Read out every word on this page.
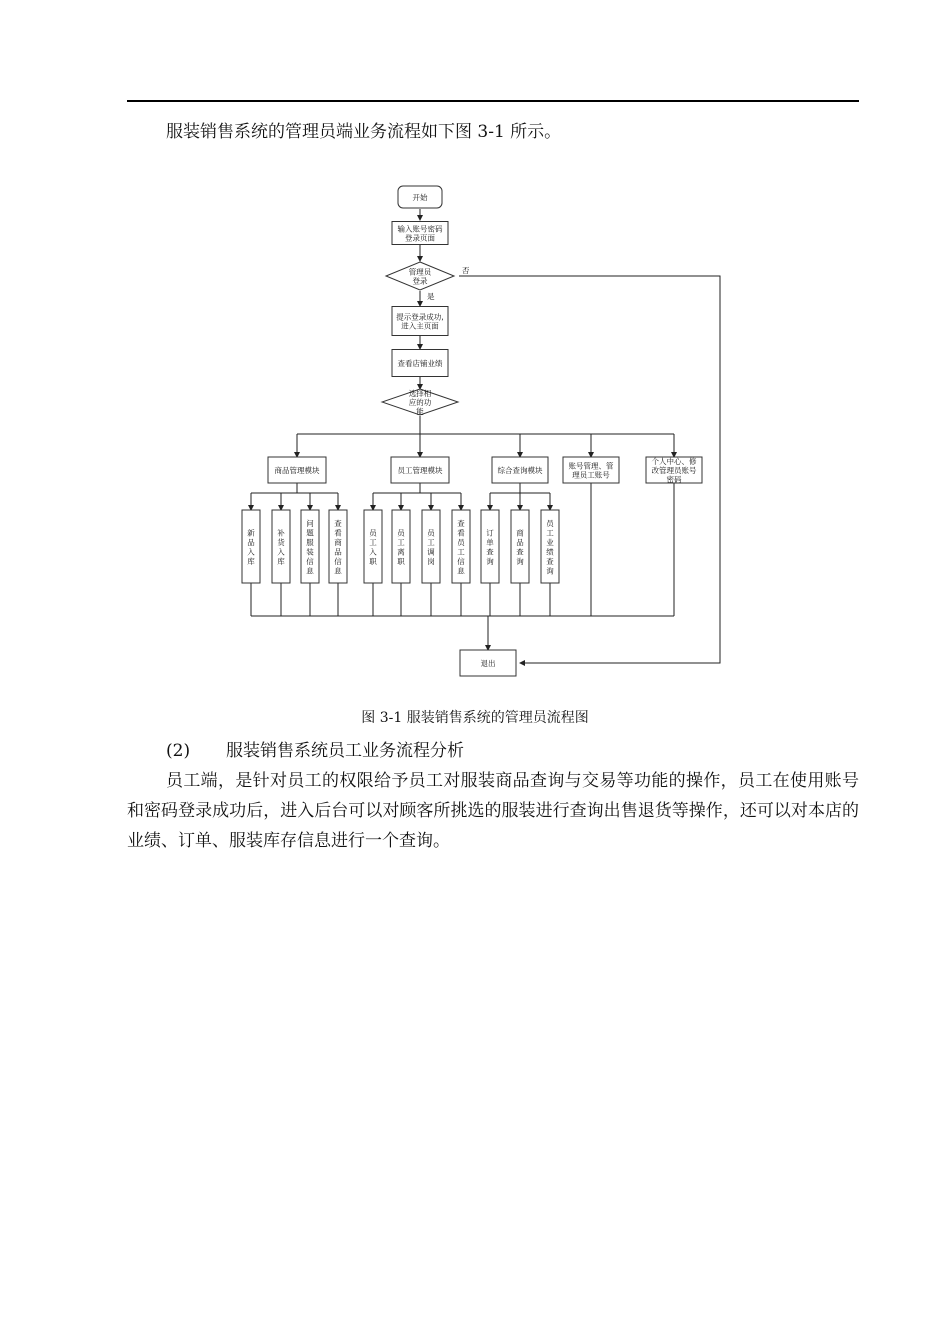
服装销售系统的管理员端业务流程如下图 3-1 所示。

否
是
开始
输入账号密码登录页面
管理员登录
提示登录成功,进入主页面
查看店铺业绩
选择相应的功能
商品管理模块	员工管理模块	综合查询模块	账号管理、管理员工账号
个人中心、修改管理员账号密码
新品入库
补货入库
问题服装信息
查看商品信息
员工入职
员工离职
员工调岗
查看员工信息
订单查询
商品查询
员工业绩查询
退出

图 3-1 服装销售系统的管理员流程图

(2) 服装销售系统员工业务流程分析

员工端，是针对员工的权限给予员工对服装商品查询与交易等功能的操作，员工在使用账号和密码登录成功后，进入后台可以对顾客所挑选的服装进行查询出售退货等操作，还可以对本店的业绩、订单、服装库存信息进行一个查询。
